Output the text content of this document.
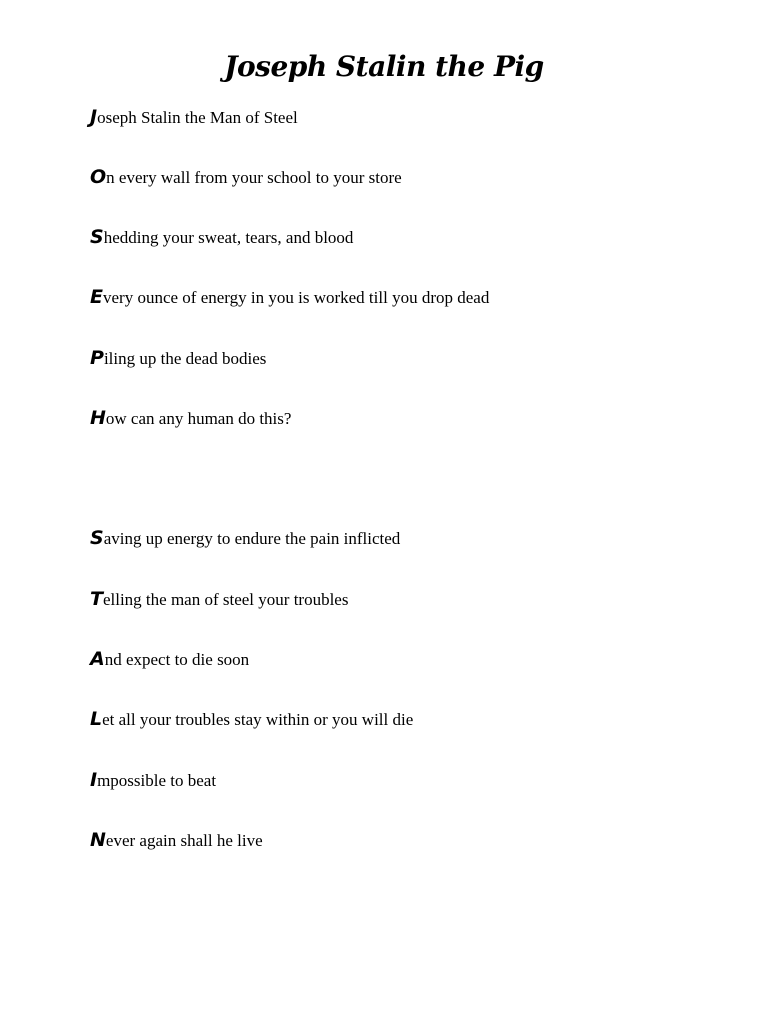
Joseph Stalin the Pig
Joseph Stalin the Man of Steel
On every wall from your school to your store
Shedding your sweat, tears, and blood
Every ounce of energy in you is worked till you drop dead
Piling up the dead bodies
How can any human do this?
Saving up energy to endure the pain inflicted
Telling the man of steel your troubles
And expect to die soon
Let all your troubles stay within or you will die
Impossible to beat
Never again shall he live
